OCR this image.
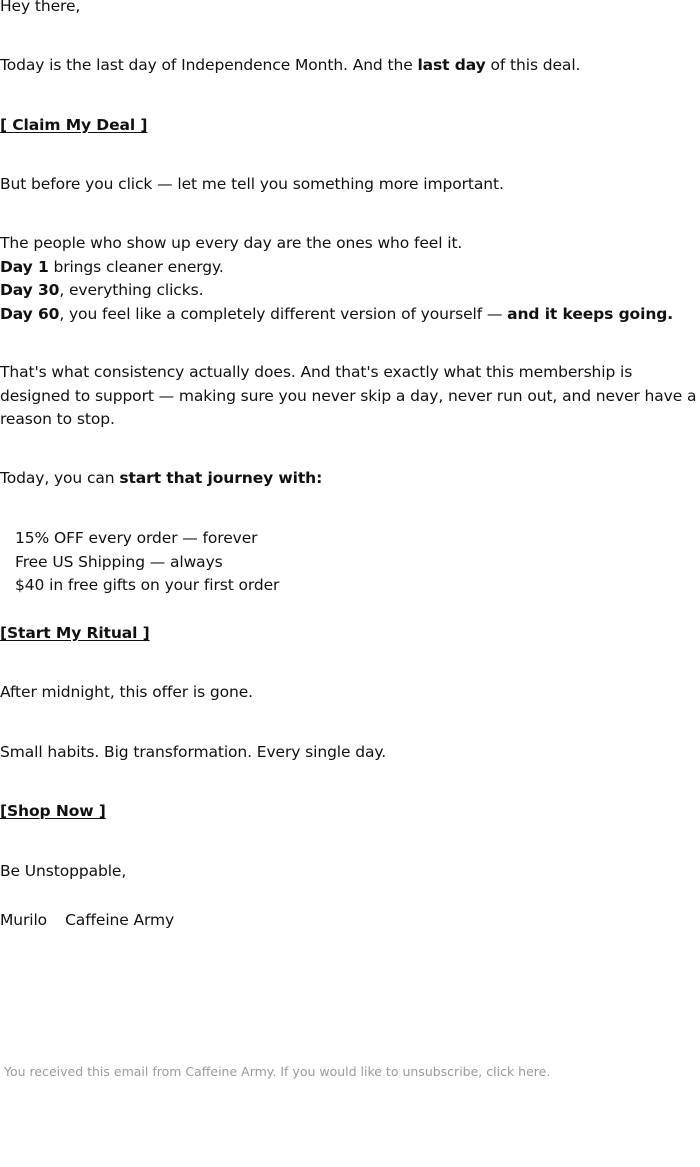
Hey there,

Today is the last day of Independence Month. And the last day of this deal.

[ Claim My Deal ]

But before you click — let me tell you something more important.

The people who show up every day are the ones who feel it.
Day 1 brings cleaner energy.
Day 30, everything clicks.
Day 60, you feel like a completely different version of yourself — and it keeps going.

That's what consistency actually does. And that's exactly what this membership is designed to support — making sure you never skip a day, never run out, and never have a reason to stop.

Today, you can start that journey with:

15% OFF every order — forever
Free US Shipping — always
$40 in free gifts on your first order

[Start My Ritual ]

After midnight, this offer is gone.

Small habits. Big transformation. Every single day.

[Shop Now ]

Be Unstoppable,

Murilo Caffeine Army

You received this email from Caffeine Army. If you would like to unsubscribe, click here.
